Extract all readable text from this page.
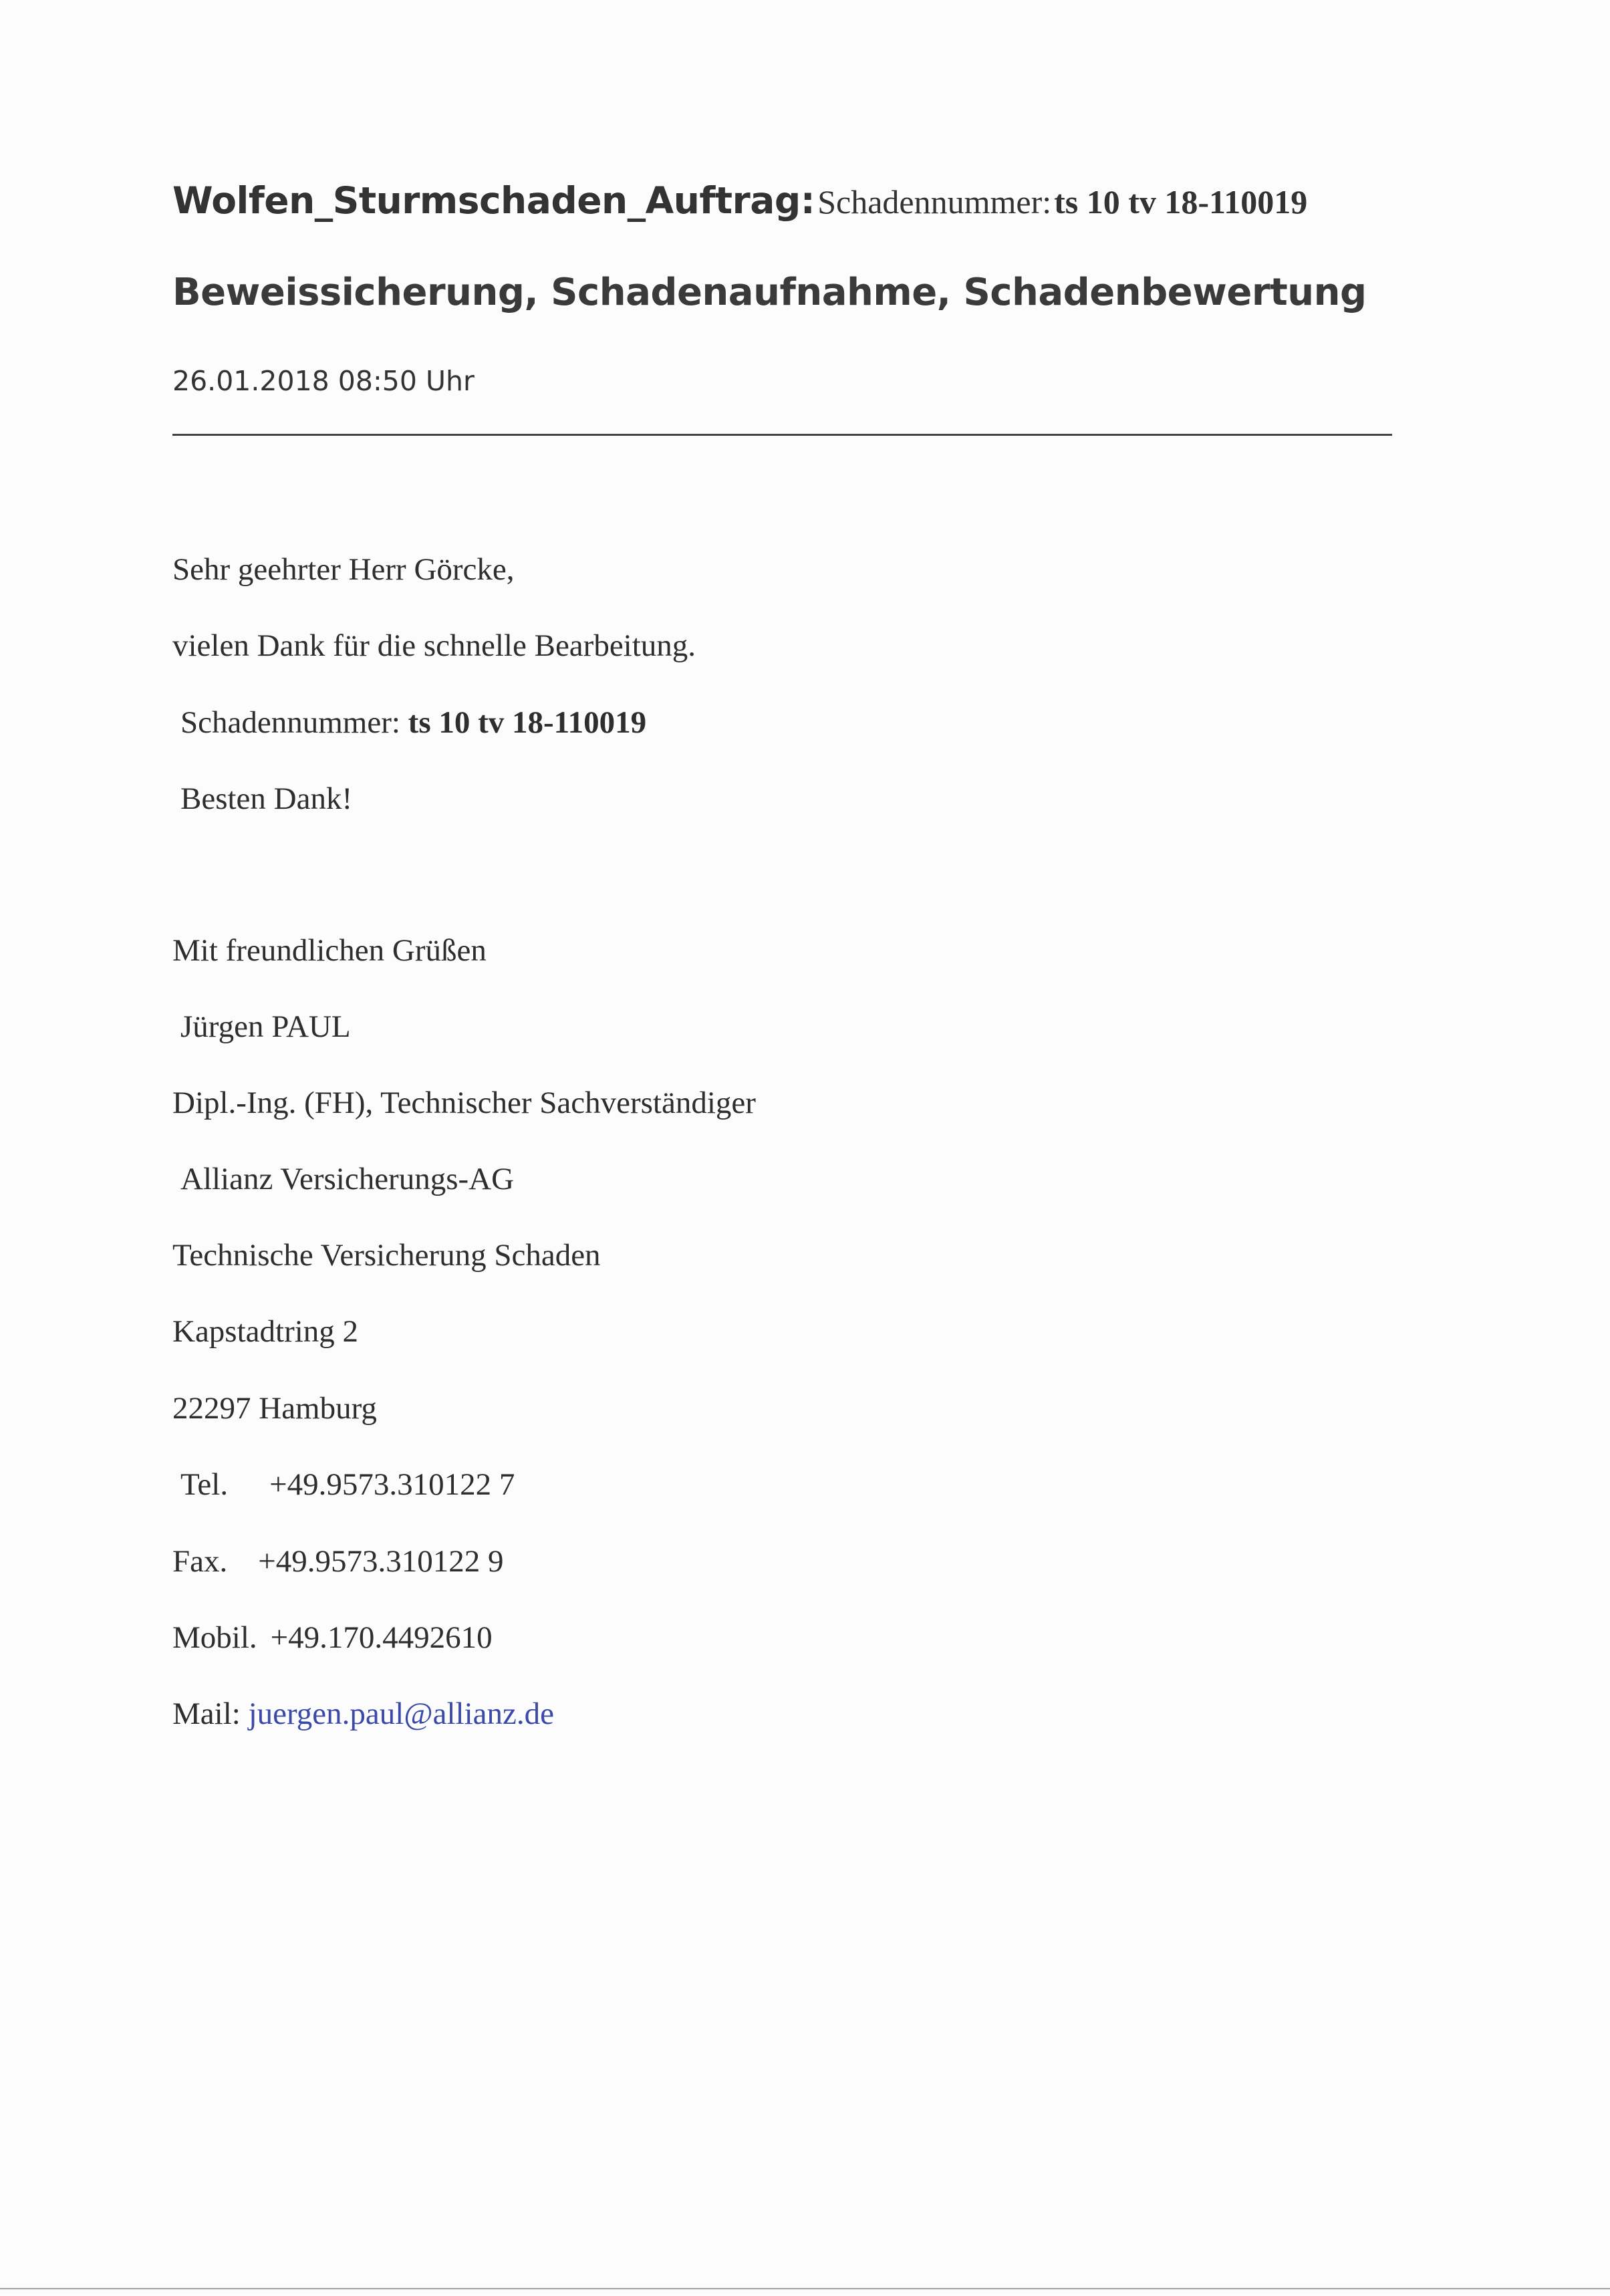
Wolfen_Sturmschaden_Auftrag: Schadennummer: ts 10 tv 18-110019
Beweissicherung, Schadenaufnahme, Schadenbewertung
26.01.2018 08:50 Uhr
Sehr geehrter Herr Görcke,
vielen Dank für die schnelle Bearbeitung.
Schadennummer: ts 10 tv 18-110019
Besten Dank!
Mit freundlichen Grüßen
Jürgen PAUL
Dipl.-Ing. (FH), Technischer Sachverständiger
Allianz Versicherungs-AG
Technische Versicherung Schaden
Kapstadtring 2
22297 Hamburg
Tel. +49.9573.310122 7
Fax. +49.9573.310122 9
Mobil. +49.170.4492610
Mail: juergen.paul@allianz.de
